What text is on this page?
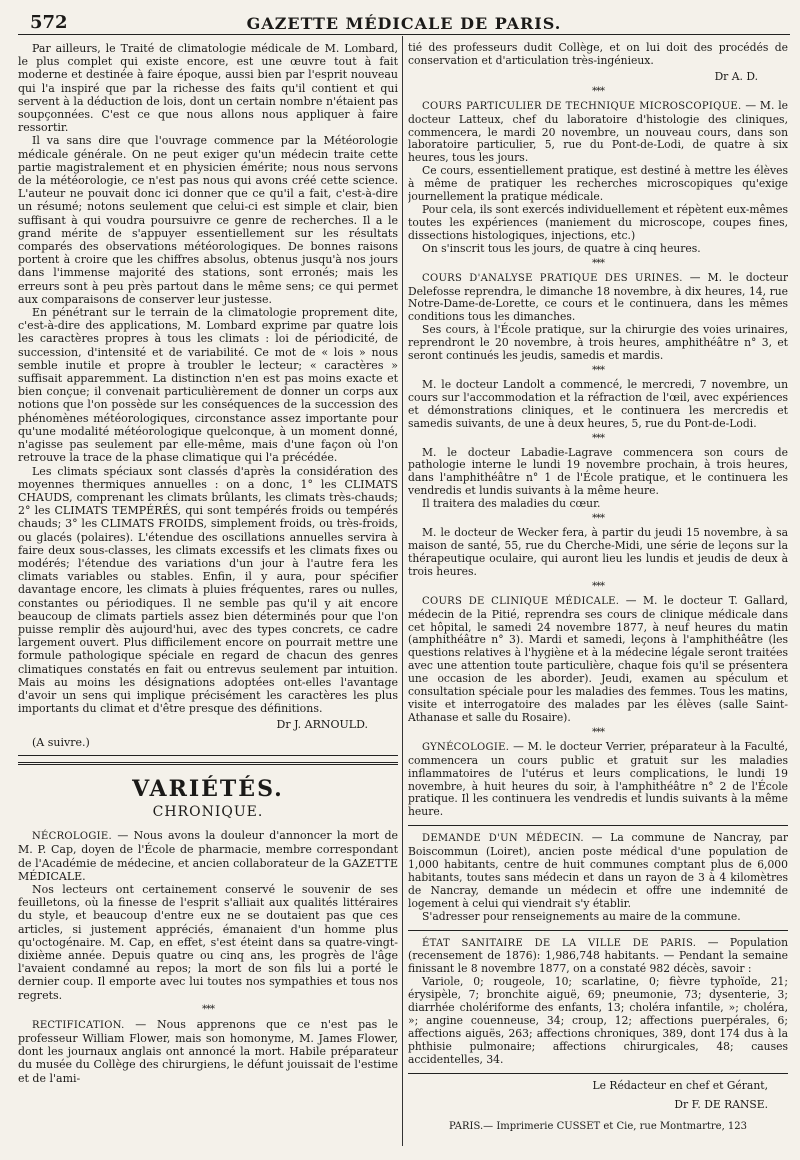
572	GAZETTE MÉDICALE DE PARIS.

Par ailleurs, le Traité de climatologie médicale de M. Lombard, le plus complet qui existe encore, est une œuvre tout à fait moderne et destinée à faire époque, aussi bien par l'esprit nouveau qui l'a inspiré que par la richesse des faits qu'il contient et qui servent à la déduction de lois, dont un certain nombre n'étaient pas soupçonnées. C'est ce que nous allons nous appliquer à faire ressortir.

Il va sans dire que l'ouvrage commence par la Météorologie médicale générale. On ne peut exiger qu'un médecin traite cette partie magistralement et en physicien émérite; nous nous servons de la météorologie, ce n'est pas nous qui avons créé cette science. L'auteur ne pouvait donc ici donner que ce qu'il a fait, c'est-à-dire un résumé; notons seulement que celui-ci est simple et clair, bien suffisant à qui voudra poursuivre ce genre de recherches. Il a le grand mérite de s'appuyer essentiellement sur les résultats comparés des observations météorologiques. De bonnes raisons portent à croire que les chiffres absolus, obtenus jusqu'à nos jours dans l'immense majorité des stations, sont erronés; mais les erreurs sont à peu près partout dans le même sens; ce qui permet aux comparaisons de conserver leur justesse.

En pénétrant sur le terrain de la climatologie proprement dite, c'est-à-dire des applications, M. Lombard exprime par quatre lois les caractères propres à tous les climats : loi de périodicité, de succession, d'intensité et de variabilité. Ce mot de « lois » nous semble inutile et propre à troubler le lecteur; « caractères » suffisait apparemment. La distinction n'en est pas moins exacte et bien conçue; il convenait particulièrement de donner un corps aux notions que l'on possède sur les conséquences de la succession des phénomènes météorologiques, circonstance assez importante pour qu'une modalité météorologique quelconque, à un moment donné, n'agisse pas seulement par elle-même, mais d'une façon où l'on retrouve la trace de la phase climatique qui l'a précédée.

Les climats spéciaux sont classés d'après la considération des moyennes thermiques annuelles : on a donc, 1° les CLIMATS CHAUDS, comprenant les climats brûlants, les climats très-chauds; 2° les CLIMATS TEMPÉRÉS, qui sont tempérés froids ou tempérés chauds; 3° les CLIMATS FROIDS, simplement froids, ou très-froids, ou glacés (polaires). L'étendue des oscillations annuelles servira à faire deux sous-classes, les climats excessifs et les climats fixes ou modérés; l'étendue des variations d'un jour à l'autre fera les climats variables ou stables. Enfin, il y aura, pour spécifier davantage encore, les climats à pluies fréquentes, rares ou nulles, constantes ou périodiques. Il ne semble pas qu'il y ait encore beaucoup de climats partiels assez bien déterminés pour que l'on puisse remplir dès aujourd'hui, avec des types concrets, ce cadre largement ouvert. Plus difficilement encore on pourrait mettre une formule pathologique spéciale en regard de chacun des genres climatiques constatés en fait ou entrevus seulement par intuition. Mais au moins les désignations adoptées ont-elles l'avantage d'avoir un sens qui implique précisément les caractères les plus importants du climat et d'être presque des définitions.

Dr J. ARNOULD.
(A suivre.)
VARIÉTÉS.
CHRONIQUE.

NÉCROLOGIE. — Nous avons la douleur d'annoncer la mort de M. P. Cap, doyen de l'École de pharmacie, membre correspondant de l'Académie de médecine, et ancien collaborateur de la GAZETTE MÉDICALE.

Nos lecteurs ont certainement conservé le souvenir de ses feuilletons, où la finesse de l'esprit s'alliait aux qualités littéraires du style, et beaucoup d'entre eux ne se doutaient pas que ces articles, si justement appréciés, émanaient d'un homme plus qu'octogénaire. M. Cap, en effet, s'est éteint dans sa quatre-vingt-dixième année. Depuis quatre ou cinq ans, les progrès de l'âge l'avaient condamné au repos; la mort de son fils lui a porté le dernier coup. Il emporte avec lui toutes nos sympathies et tous nos regrets.

***

RECTIFICATION. — Nous apprenons que ce n'est pas le professeur William Flower, mais son homonyme, M. James Flower, dont les journaux anglais ont annoncé la mort. Habile préparateur du musée du Collège des chirurgiens, le défunt jouissait de l'estime et de l'ami-

tié des professeurs dudit Collège, et on lui doit des procédés de conservation et d'articulation très-ingénieux.

Dr A. D.
***

COURS PARTICULIER DE TECHNIQUE MICROSCOPIQUE. — M. le docteur Latteux, chef du laboratoire d'histologie des cliniques, commencera, le mardi 20 novembre, un nouveau cours, dans son laboratoire particulier, 5, rue du Pont-de-Lodi, de quatre à six heures, tous les jours.

Ce cours, essentiellement pratique, est destiné à mettre les élèves à même de pratiquer les recherches microscopiques qu'exige journellement la pratique médicale.

Pour cela, ils sont exercés individuellement et répètent eux-mêmes toutes les expériences (maniement du microscope, coupes fines, dissections histologiques, injections, etc.)

On s'inscrit tous les jours, de quatre à cinq heures.

***

COURS D'ANALYSE PRATIQUE DES URINES. — M. le docteur Delefosse reprendra, le dimanche 18 novembre, à dix heures, 14, rue Notre-Dame-de-Lorette, ce cours et le continuera, dans les mêmes conditions tous les dimanches.

Ses cours, à l'École pratique, sur la chirurgie des voies urinaires, reprendront le 20 novembre, à trois heures, amphithéâtre n° 3, et seront continués les jeudis, samedis et mardis.

***

M. le docteur Landolt a commencé, le mercredi, 7 novembre, un cours sur l'accommodation et la réfraction de l'œil, avec expériences et démonstrations cliniques, et le continuera les mercredis et samedis suivants, de une à deux heures, 5, rue du Pont-de-Lodi.

***

M. le docteur Labadie-Lagrave commencera son cours de pathologie interne le lundi 19 novembre prochain, à trois heures, dans l'amphithéâtre n° 1 de l'École pratique, et le continuera les vendredis et lundis suivants à la même heure.

Il traitera des maladies du cœur.

***

M. le docteur de Wecker fera, à partir du jeudi 15 novembre, à sa maison de santé, 55, rue du Cherche-Midi, une série de leçons sur la thérapeutique oculaire, qui auront lieu les lundis et jeudis de deux à trois heures.

***

COURS DE CLINIQUE MÉDICALE. — M. le docteur T. Gallard, médecin de la Pitié, reprendra ses cours de clinique médicale dans cet hôpital, le samedi 24 novembre 1877, à neuf heures du matin (amphithéâtre n° 3). Mardi et samedi, leçons à l'amphithéâtre (les questions relatives à l'hygiène et à la médecine légale seront traitées avec une attention toute particulière, chaque fois qu'il se présentera une occasion de les aborder). Jeudi, examen au spéculum et consultation spéciale pour les maladies des femmes. Tous les matins, visite et interrogatoire des malades par les élèves (salle Saint-Athanase et salle du Rosaire).

***

GYNÉCOLOGIE. — M. le docteur Verrier, préparateur à la Faculté, commencera un cours public et gratuit sur les maladies inflammatoires de l'utérus et leurs complications, le lundi 19 novembre, à huit heures du soir, à l'amphithéâtre n° 2 de l'École pratique. Il les continuera les vendredis et lundis suivants à la même heure.

DEMANDE D'UN MÉDECIN. — La commune de Nancray, par Boiscommun (Loiret), ancien poste médical d'une population de 1,000 habitants, centre de huit communes comptant plus de 6,000 habitants, toutes sans médecin et dans un rayon de 3 à 4 kilomètres de Nancray, demande un médecin et offre une indemnité de logement à celui qui viendrait s'y établir.

S'adresser pour renseignements au maire de la commune.

ÉTAT SANITAIRE DE LA VILLE DE PARIS. — Population (recensement de 1876): 1,986,748 habitants. — Pendant la semaine finissant le 8 novembre 1877, on a constaté 982 décès, savoir :

Variole, 0; rougeole, 10; scarlatine, 0; fièvre typhoïde, 21; érysipèle, 7; bronchite aiguë, 69; pneumonie, 73; dysenterie, 3; diarrhée cholériforme des enfants, 13; choléra infantile, »; choléra, »; angine couenneuse, 34; croup, 12; affections puerpérales, 6; affections aiguës, 263; affections chroniques, 389, dont 174 dus à la phthisie pulmonaire; affections chirurgicales, 48; causes accidentelles, 34.

Le Rédacteur en chef et Gérant,
Dr F. DE RANSE.
PARIS.— Imprimerie CUSSET et Cie, rue Montmartre, 123
